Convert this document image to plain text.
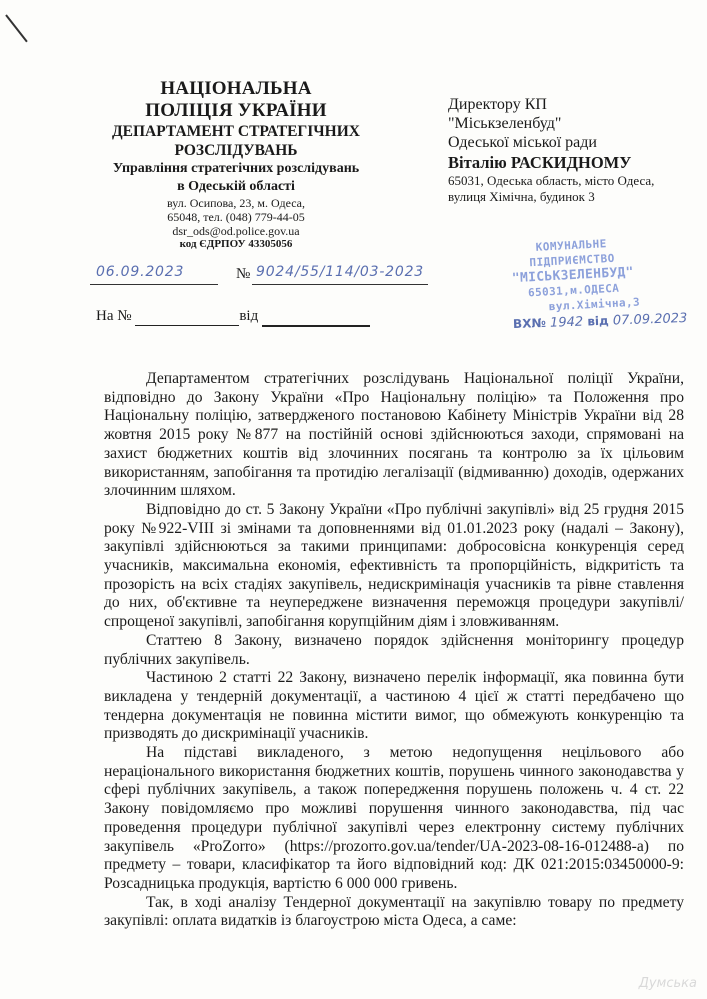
НАЦІОНАЛЬНА
ПОЛІЦІЯ УКРАЇНИ
ДЕПАРТАМЕНТ СТРАТЕГІЧНИХ
РОЗСЛІДУВАНЬ
Управління стратегічних розслідувань
в Одеській області
вул. Осипова, 23, м. Одеса,
65048, тел. (048) 779-44-05
dsr_ods@od.police.gov.ua
код ЄДРПОУ 43305056
Директору КП
"Міськзеленбуд"
Одеської міської ради
Віталію РАСКИДНОМУ
65031, Одеська область, місто Одеса,
вулиця Хімічна, будинок 3
06.09.2023	№ 9024/55/114/03-2023
На №	від
КОМУНАЛЬНЕ
ПІДПРИЄМСТВО
"МІСЬКЗЕЛЕНБУД"
65031,м.ОДЕСА
вул.Хімічна,3
ВХ№ 1942 від 07.09.2023

Департаментом стратегічних розслідувань Національної поліції України, відповідно до Закону України «Про Національну поліцію» та Положення про Національну поліцію, затвердженого постановою Кабінету Міністрів України від 28 жовтня 2015 року №877 на постійній основі здійснюються заходи, спрямовані на захист бюджетних коштів від злочинних посягань та контролю за їх цільовим використанням, запобігання та протидію легалізації (відмиванню) доходів, одержаних злочинним шляхом.

Відповідно до ст. 5 Закону України «Про публічні закупівлі» від 25 грудня 2015 року №922-VIII зі змінами та доповненнями від 01.01.2023 року (надалі – Закону), закупівлі здійснюються за такими принципами: добросовісна конкуренція серед учасників, максимальна економія, ефективність та пропорційність, відкритість та прозорість на всіх стадіях закупівель, недискримінація учасників та рівне ставлення до них, об'єктивне та неупереджене визначення переможця процедури закупівлі/спрощеної закупівлі, запобігання корупційним діям і зловживанням.

Статтею 8 Закону, визначено порядок здійснення моніторингу процедур публічних закупівель.

Частиною 2 статті 22 Закону, визначено перелік інформації, яка повинна бути викладена у тендерній документації, а частиною 4 цієї ж статті передбачено що тендерна документація не повинна містити вимог, що обмежують конкуренцію та призводять до дискримінації учасників.

На підставі викладеного, з метою недопущення нецільового або нераціонального використання бюджетних коштів, порушень чинного законодавства у сфері публічних закупівель, а також попередження порушень положень ч. 4 ст. 22 Закону повідомляємо про можливі порушення чинного законодавства, під час проведення процедури публічної закупівлі через електронну систему публічних закупівель «ProZorro» (https://prozorro.gov.ua/tender/UA-2023-08-16-012488-a) по предмету – товари, класифікатор та його відповідний код: ДК 021:2015:03450000-9: Розсадницька продукція, вартістю 6 000 000 гривень.

Так, в ході аналізу Тендерної документації на закупівлю товару по предмету закупівлі: оплата видатків із благоустрою міста Одеса, а саме:

Думська
